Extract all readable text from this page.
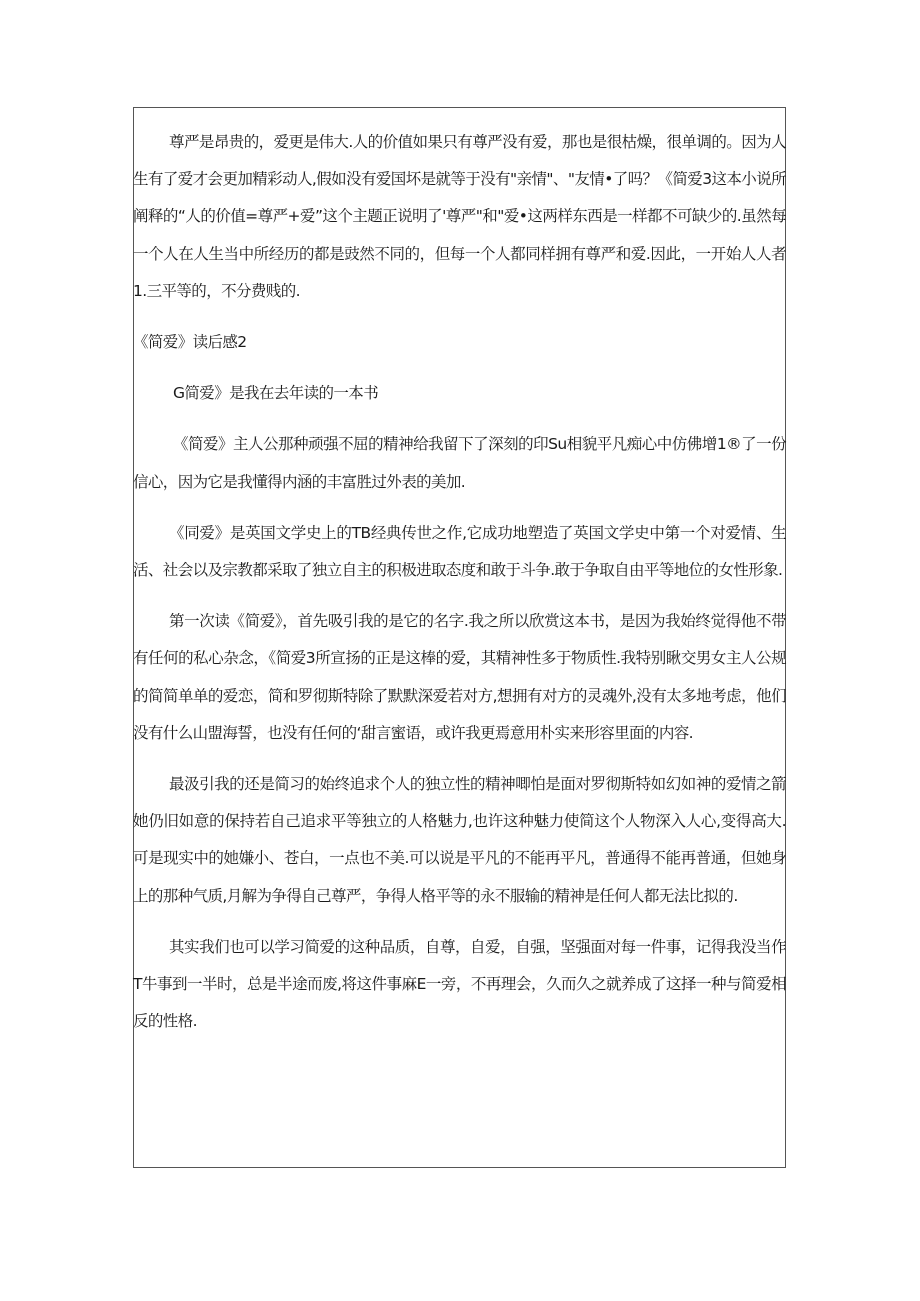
尊严是昂贵的，爱更是伟大.人的价值如果只有尊严没有爱，那也是很枯燥，很单调的。因为人生有了爱才会更加精彩动人,假如没有爱国坏是就等于没有"亲情"、"友情•了吗？《简爱3这本小说所阐释的“人的价值=尊严+爱”这个主题正说明了'尊严"和"爱•这两样东西是一样都不可缺少的.虽然每一个人在人生当中所经历的都是豉然不同的，但每一个人都同样拥有尊严和爱.因此，一开始人人者1.三平等的，不分费贱的.

《简爱》读后感2

G简爱》是我在去年读的一本书

《简爱》主人公那种顽强不屈的精神给我留下了深刻的印Su相貌平凡痴心中仿佛增1®了一份信心，因为它是我懂得内涵的丰富胜过外表的美加.

《同爱》是英国文学史上的TB经典传世之作,它成功地塑造了英国文学史中第一个对爱情、生活、社会以及宗教都采取了独立自主的积极进取态度和敢于斗争.敢于争取自由平等地位的女性形象.

第一次读《简爱》，首先吸引我的是它的名字.我之所以欣赏这本书，是因为我始终觉得他不带有任何的私心杂念，《简爱3所宣扬的正是这棒的爱，其精神性多于物质性.我特别瞅交男女主人公规的简简单单的爱恋，简和罗彻斯特除了默默深爱若对方,想拥有对方的灵魂外,没有太多地考虑，他们没有什么山盟海誓，也没有任何的‘甜言蜜语，或许我更焉意用朴实来形容里面的内容.

最汲引我的还是简习的始终追求个人的独立性的精神唧怕是面对罗彻斯特如幻如神的爱情之箭她仍旧如意的保持若自己追求平等独立的人格魅力,也许这种魅力使简这个人物深入人心,变得高大.可是现实中的她嫌小、苍白，一点也不美.可以说是平凡的不能再平凡，普通得不能再普通，但她身上的那种气质,月解为争得自己尊严，争得人格平等的永不服输的精神是任何人都无法比拟的.

其实我们也可以学习简爱的这种品质，自尊，自爱，自强，坚强面对每一件事，记得我没当作T牛事到一半时，总是半途而废,将这件事麻E一旁，不再理会，久而久之就养成了这择一种与简爱相反的性格.
